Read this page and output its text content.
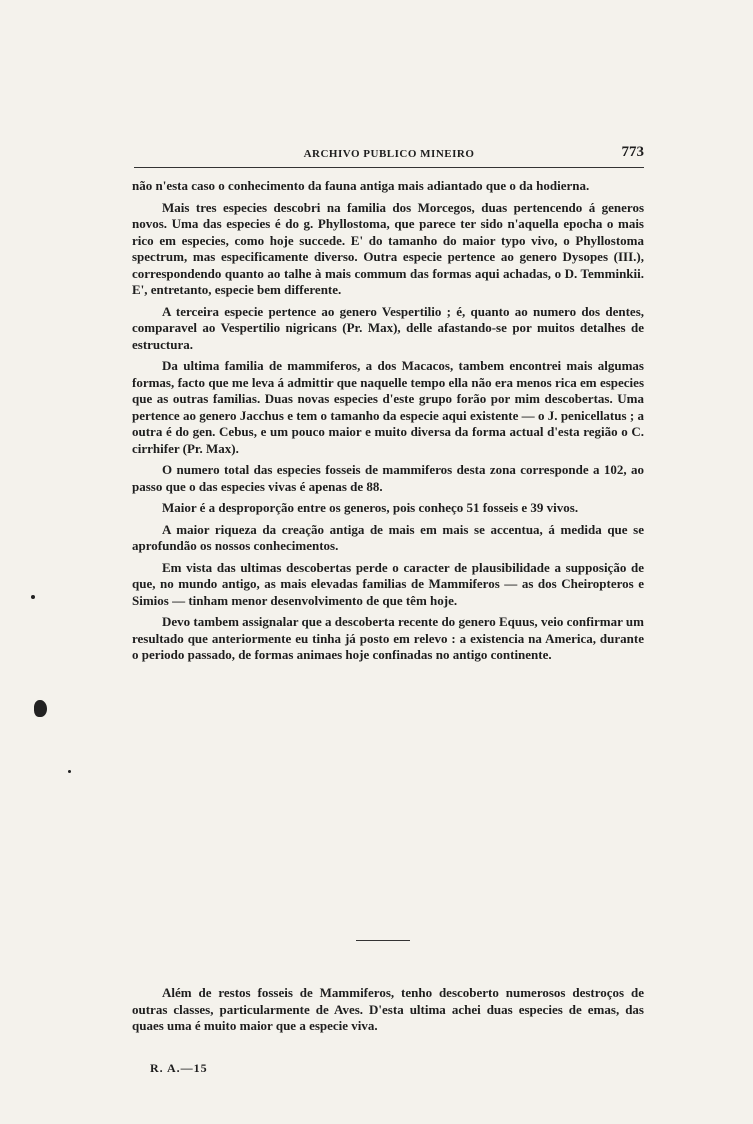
ARCHIVO PUBLICO MINEIRO	773

não n'esta caso o conhecimento da fauna antiga mais adiantado que o da hodierna.

Mais tres especies descobri na familia dos Morcegos, duas pertencendo á generos novos. Uma das especies é do g. Phyllostoma, que parece ter sido n'aquella epocha o mais rico em especies, como hoje succede. E' do tamanho do maior typo vivo, o Phyllostoma spectrum, mas especificamente diverso. Outra especie pertence ao genero Dysopes (III.), correspondendo quanto ao talhe à mais commum das formas aqui achadas, o D. Temminkii. E', entretanto, especie bem differente.

A terceira especie pertence ao genero Vespertilio ; é, quanto ao numero dos dentes, comparavel ao Vespertilio nigricans (Pr. Max), delle afastando-se por muitos detalhes de estructura.

Da ultima familia de mammiferos, a dos Macacos, tambem encontrei mais algumas formas, facto que me leva á admittir que naquelle tempo ella não era menos rica em especies que as outras familias. Duas novas especies d'este grupo forão por mim descobertas. Uma pertence ao genero Jacchus e tem o tamanho da especie aqui existente — o J. penicellatus ; a outra é do gen. Cebus, e um pouco maior e muito diversa da forma actual d'esta região o C. cirrhifer (Pr. Max).

O numero total das especies fosseis de mammiferos desta zona corresponde a 102, ao passo que o das especies vivas é apenas de 88.

Maior é a desproporção entre os generos, pois conheço 51 fosseis e 39 vivos.

A maior riqueza da creação antiga de mais em mais se accentua, á medida que se aprofundão os nossos conhecimentos.

Em vista das ultimas descobertas perde o caracter de plausibilidade a supposição de que, no mundo antigo, as mais elevadas familias de Mammiferos — as dos Cheiropteros e Simios — tinham menor desenvolvimento de que têm hoje.

Devo tambem assignalar que a descoberta recente do genero Equus, veio confirmar um resultado que anteriormente eu tinha já posto em relevo : a existencia na America, durante o periodo passado, de formas animaes hoje confinadas no antigo continente.

Além de restos fosseis de Mammiferos, tenho descoberto numerosos destroços de outras classes, particularmente de Aves. D'esta ultima achei duas especies de emas, das quaes uma é muito maior que a especie viva.

R. A.—15
